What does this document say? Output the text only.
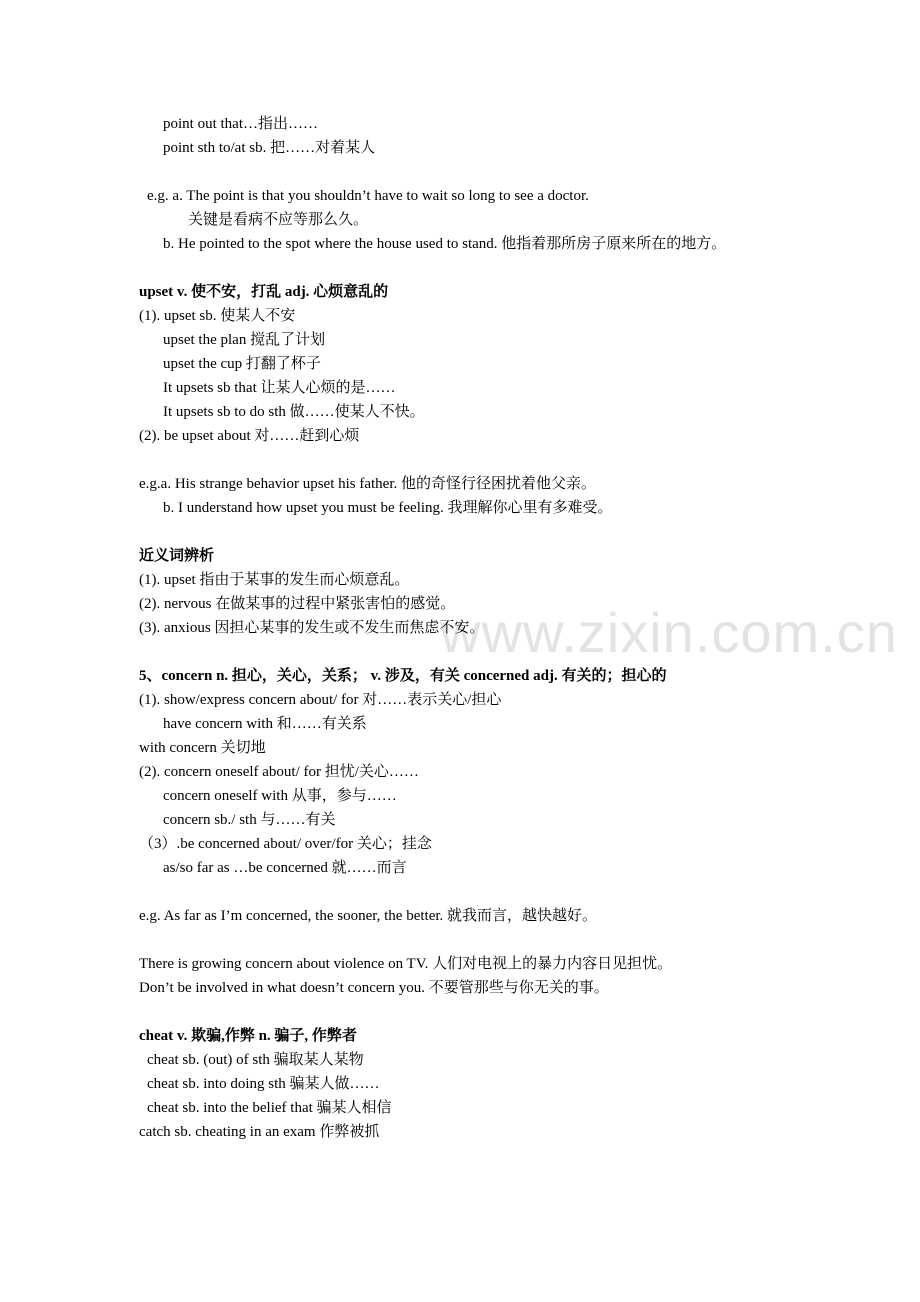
www.zixin.com.cn
point out that…指出……
point sth to/at sb. 把……对着某人
e.g. a. The point is that you shouldn’t have to wait so long to see a doctor.
关键是看病不应等那么久。
b. He pointed to the spot where the house used to stand. 他指着那所房子原来所在的地方。
upset v. 使不安，打乱 adj. 心烦意乱的
(1). upset sb. 使某人不安
upset the plan 搅乱了计划
upset the cup 打翻了杯子
It upsets sb that 让某人心烦的是……
It upsets sb to do sth 做……使某人不快。
(2). be upset about 对……赶到心烦
e.g.a. His strange behavior upset his father. 他的奇怪行径困扰着他父亲。
b. I understand how upset you must be feeling. 我理解你心里有多难受。
近义词辨析
(1). upset 指由于某事的发生而心烦意乱。
(2). nervous 在做某事的过程中紧张害怕的感觉。
(3). anxious 因担心某事的发生或不发生而焦虑不安。
5、concern n. 担心，关心，关系； v. 涉及，有关 concerned adj. 有关的；担心的
(1). show/express concern about/ for 对……表示关心/担心
have concern with 和……有关系
with concern 关切地
(2). concern oneself about/ for 担忧/关心……
concern oneself with 从事，参与……
concern sb./ sth 与……有关
（3）.be concerned about/ over/for 关心；挂念
as/so far as …be concerned 就……而言
e.g. As far as I’m concerned, the sooner, the better. 就我而言，越快越好。
There is growing concern about violence on TV. 人们对电视上的暴力内容日见担忧。
Don’t be involved in what doesn’t concern you. 不要管那些与你无关的事。
cheat v. 欺骗,作弊 n. 骗子, 作弊者
cheat sb. (out) of sth 骗取某人某物
cheat sb. into doing sth 骗某人做……
cheat sb. into the belief that 骗某人相信
catch sb. cheating in an exam 作弊被抓
